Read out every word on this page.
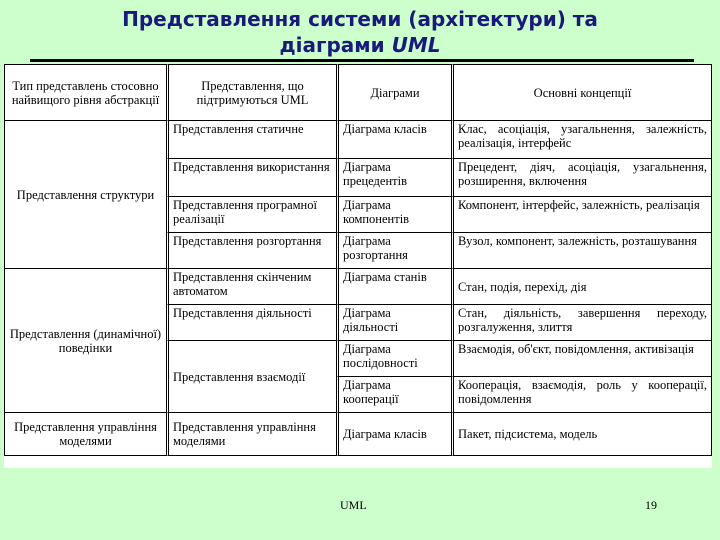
Представлення системи (архітектури) та
діаграми UML
Тип представлень стосовно найвищого рівня абстракції	Представлення, що підтримуються UML	Діаграми	Основні концепції
Представлення структури	Представлення статичне	Діаграма класів	Клас, асоціація, узагальнення, залежність, реалізація, інтерфейс
	Представлення використання	Діаграма прецедентів	Прецедент, діяч, асоціація, узагальнення, розширення, включення
	Представлення програмної реалізації	Діаграма компонентів	Компонент, інтерфейс, залежність, реалізація
	Представлення розгортання	Діаграма розгортання	Вузол, компонент, залежність, розташування
Представлення (динамічної) поведінки	Представлення скінченим автоматом	Діаграма станів	Стан, подія, перехід, дія
	Представлення діяльності	Діаграма діяльності	Стан, діяльність, завершення переходу, розгалуження, злиття
	Представлення взаємодії	Діаграма послідовності	Взаємодія, об'єкт, повідомлення, активізація
		Діаграма кооперації	Кооперація, взаємодія, роль у кооперації, повідомлення
Представлення управління моделями	Представлення управління моделями	Діаграма класів	Пакет, підсистема, модель
UML	19
